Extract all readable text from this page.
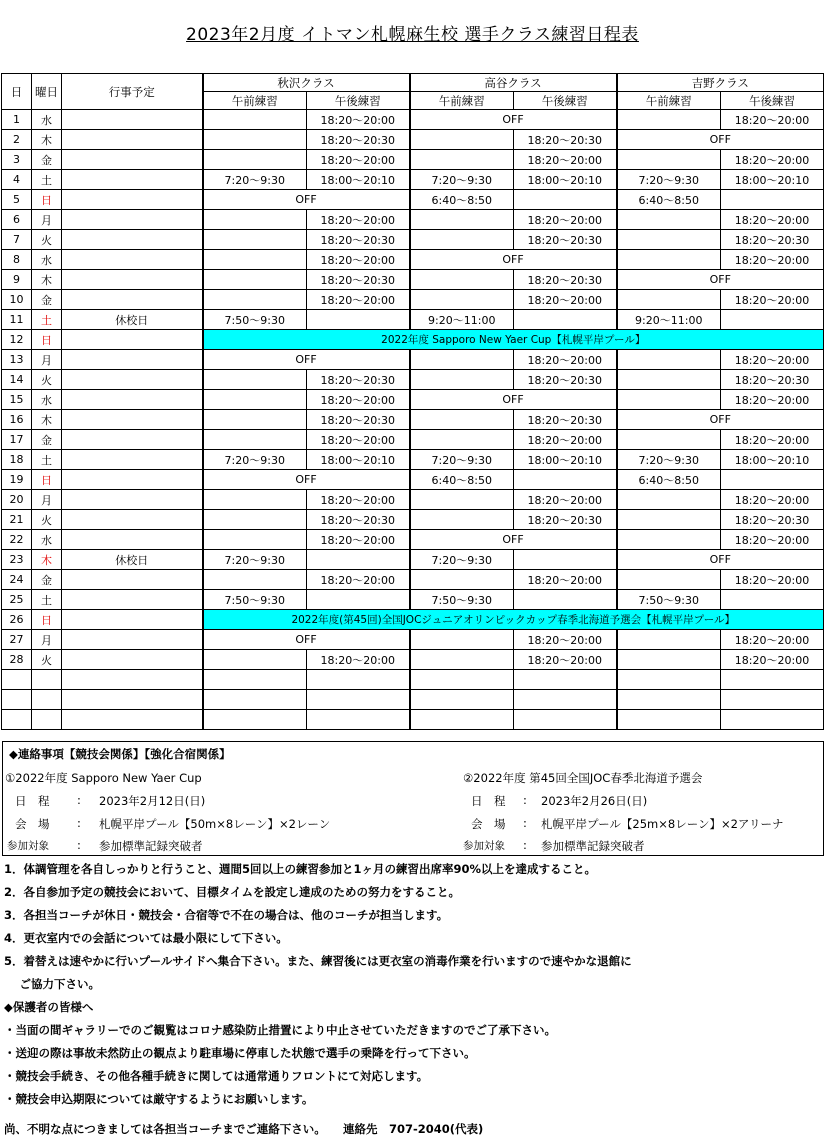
2023年2月度 イトマン札幌麻生校 選手クラス練習日程表
日	曜日	行事予定	秋沢クラス		高谷クラス		吉野クラス	
			午前練習	午後練習	午前練習	午後練習	午前練習	午後練習
1	水			18:20～20:00	OFF			18:20～20:00
2	木			18:20～20:30		18:20～20:30	OFF	
3	金			18:20～20:00		18:20～20:00		18:20～20:00
4	土		7:20～9:30	18:00～20:10	7:20～9:30	18:00～20:10	7:20～9:30	18:00～20:10
5	日		OFF		6:40～8:50		6:40～8:50	
6	月			18:20～20:00		18:20～20:00		18:20～20:00
7	火			18:20～20:30		18:20～20:30		18:20～20:30
8	水			18:20～20:00	OFF			18:20～20:00
9	木			18:20～20:30		18:20～20:30	OFF	
10	金			18:20～20:00		18:20～20:00		18:20～20:00
11	土	休校日	7:50～9:30		9:20～11:00		9:20～11:00	
12	日		2022年度 Sapporo New Yaer Cup【札幌平岸プール】					
13	月		OFF			18:20～20:00		18:20～20:00
14	火			18:20～20:30		18:20～20:30		18:20～20:30
15	水			18:20～20:00	OFF			18:20～20:00
16	木			18:20～20:30		18:20～20:30	OFF	
17	金			18:20～20:00		18:20～20:00		18:20～20:00
18	土		7:20～9:30	18:00～20:10	7:20～9:30	18:00～20:10	7:20～9:30	18:00～20:10
19	日		OFF		6:40～8:50		6:40～8:50	
20	月			18:20～20:00		18:20～20:00		18:20～20:00
21	火			18:20～20:30		18:20～20:30		18:20～20:30
22	水			18:20～20:00	OFF			18:20～20:00
23	木	休校日	7:20～9:30		7:20～9:30		OFF	
24	金			18:20～20:00		18:20～20:00		18:20～20:00
25	土		7:50～9:30		7:50～9:30		7:50～9:30	
26	日		2022年度(第45回)全国JOCジュニアオリンピックカップ春季北海道予選会【札幌平岸プール】					
27	月		OFF			18:20～20:00		18:20～20:00
28	火			18:20～20:00		18:20～20:00		18:20～20:00

◆連絡事項【競技会関係】【強化合宿関係】
①2022年度 Sapporo New Yaer Cup
日　程 : 2023年2月12日(日)
会　場 : 札幌平岸プール【50m×8レーン】×2レーン
参加対象 : 参加標準記録突破者
②2022年度 第45回全国JOC春季北海道予選会
日　程 : 2023年2月26日(日)
会　場 : 札幌平岸プール【25m×8レーン】×2アリーナ
参加対象 : 参加標準記録突破者
1．体調管理を各自しっかりと行うこと、週間5回以上の練習参加と1ヶ月の練習出席率90%以上を達成すること。
2．各自参加予定の競技会において、目標タイムを設定し達成のための努力をすること。
3．各担当コーチが休日・競技会・合宿等で不在の場合は、他のコーチが担当します。
4．更衣室内での会話については最小限にして下さい。
5．着替えは速やかに行いプールサイドへ集合下さい。また、練習後には更衣室の消毒作業を行いますので速やかな退館に
　 ご協力下さい。
◆保護者の皆様へ
・当面の間ギャラリーでのご観覧はコロナ感染防止措置により中止させていただきますのでご了承下さい。
・送迎の際は事故未然防止の観点より駐車場に停車した状態で選手の乗降を行って下さい。
・競技会手続き、その他各種手続きに関しては通常通りフロントにて対応します。
・競技会申込期限については厳守するようにお願いします。
尚、不明な点につきましては各担当コーチまでご連絡下さい。　　連絡先　707-2040(代表)
